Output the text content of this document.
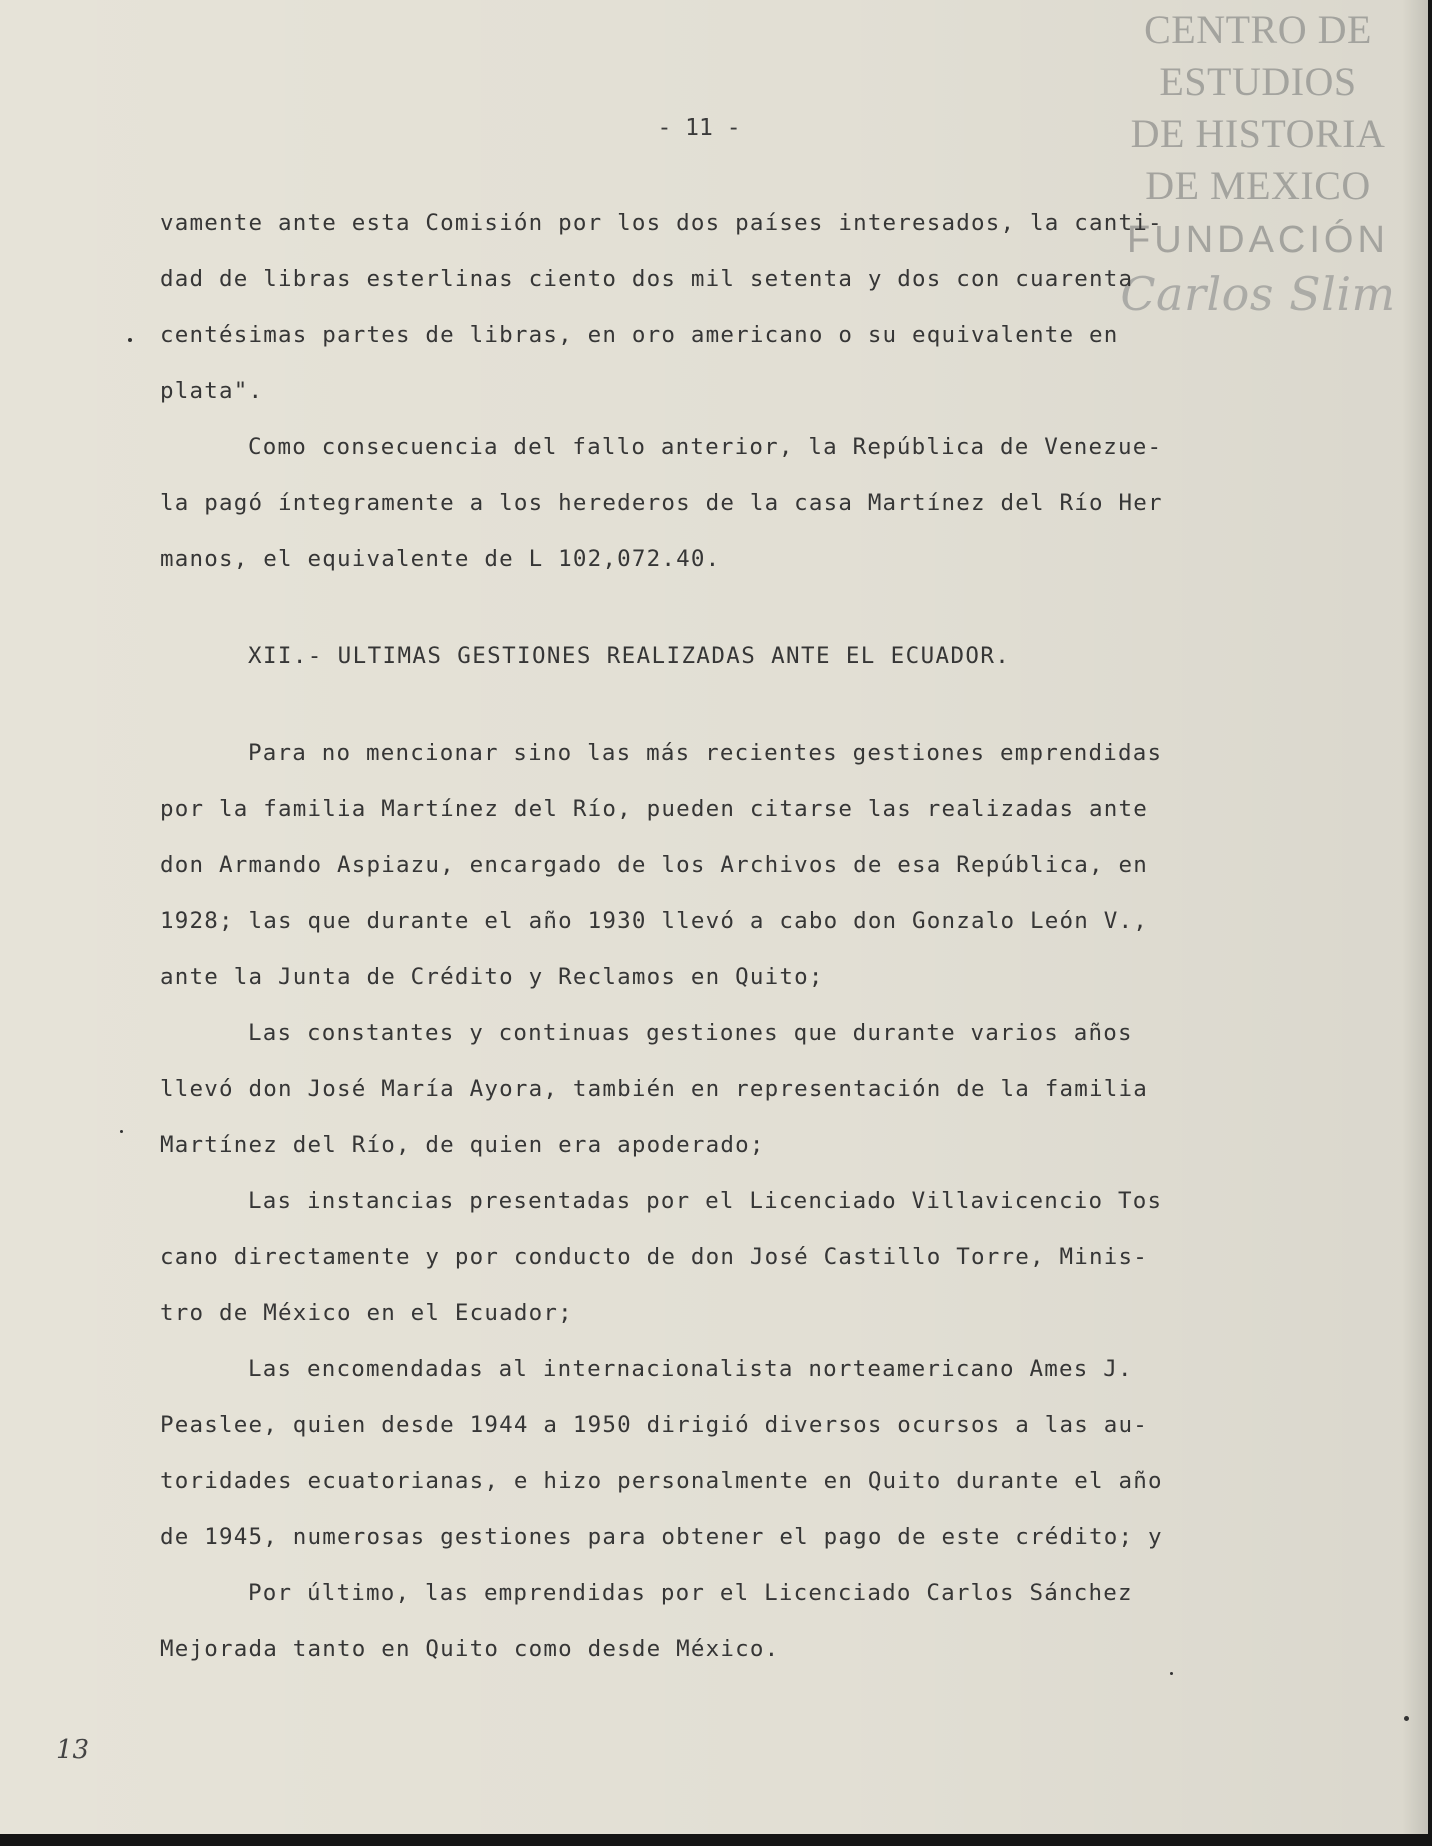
CENTRO DE
ESTUDIOS
DE HISTORIA
DE MEXICO
FUNDACIÓN
Carlos Slim
- 11 -
vamente ante esta Comisión por los dos países interesados, la canti-
dad de libras esterlinas ciento dos mil setenta y dos con cuarenta
centésimas partes de libras, en oro americano o su equivalente en
plata".
Como consecuencia del fallo anterior, la República de Venezue-
la pagó íntegramente a los herederos de la casa Martínez del Río Her
manos, el equivalente de L 102,072.40.
XII.- ULTIMAS GESTIONES REALIZADAS ANTE EL ECUADOR.
Para no mencionar sino las más recientes gestiones emprendidas
por la familia Martínez del Río, pueden citarse las realizadas ante
don Armando Aspiazu, encargado de los Archivos de esa República, en
1928; las que durante el año 1930 llevó a cabo don Gonzalo León V.,
ante la Junta de Crédito y Reclamos en Quito;
Las constantes y continuas gestiones que durante varios años
llevó don José María Ayora, también en representación de la familia
Martínez del Río, de quien era apoderado;
Las instancias presentadas por el Licenciado Villavicencio Tos
cano directamente y por conducto de don José Castillo Torre, Minis-
tro de México en el Ecuador;
Las encomendadas al internacionalista norteamericano Ames J.
Peaslee, quien desde 1944 a 1950 dirigió diversos ocursos a las au-
toridades ecuatorianas, e hizo personalmente en Quito durante el año
de 1945, numerosas gestiones para obtener el pago de este crédito; y
Por último, las emprendidas por el Licenciado Carlos Sánchez
Mejorada tanto en Quito como desde México.
13
